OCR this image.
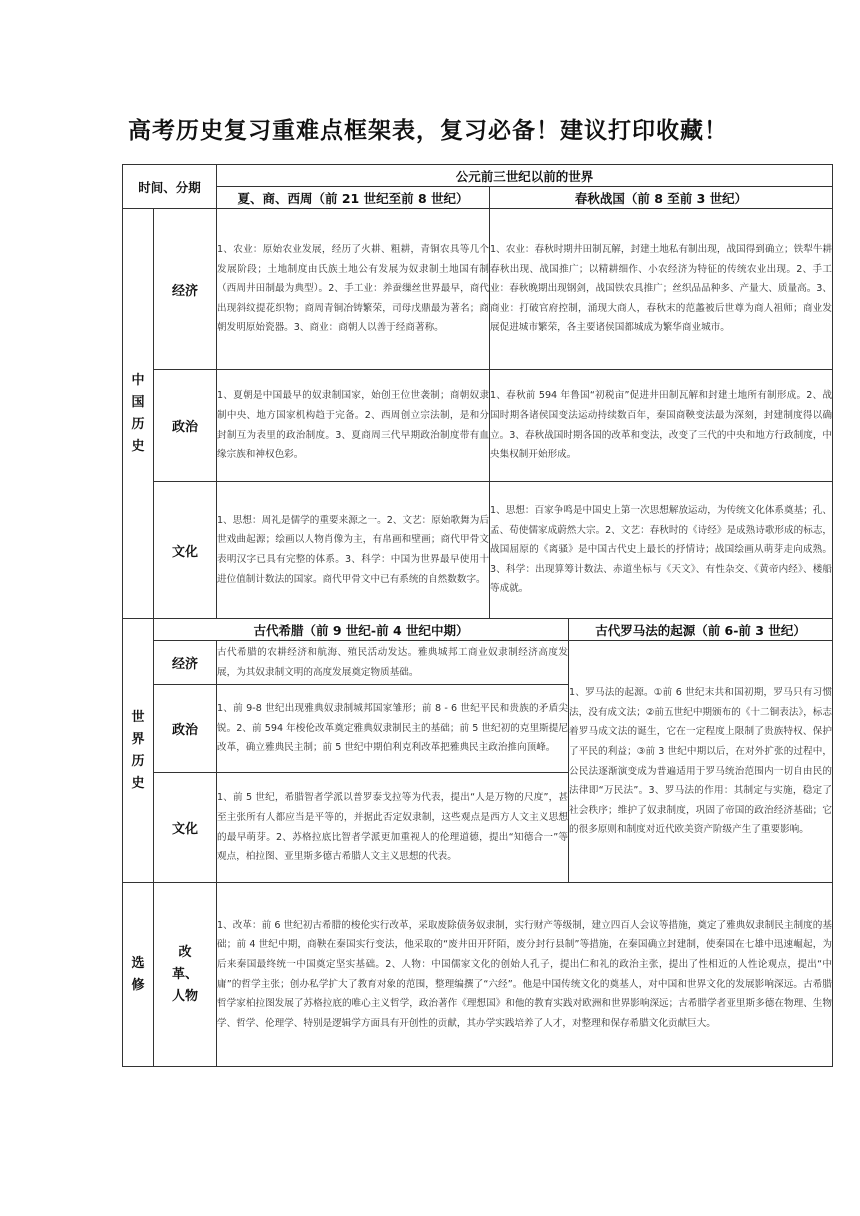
高考历史复习重难点框架表，复习必备！建议打印收藏！
时间、分期		公元前三世纪以前的世界		
		夏、商、西周（前 21 世纪至前 8 世纪）	春秋战国（前 8 至前 3 世纪）	

中国历史	经济	1、农业：原始农业发展，经历了火耕、粗耕，青铜农具等几个发展阶段；土地制度由氏族土地公有发展为奴隶制土地国有制（西周井田制最为典型）。2、手工业：养蚕缫丝世界最早，商代出现斜纹提花织物；商周青铜冶铸繁荣，司母戊鼎最为著名；商朝发明原始瓷器。3、商业：商朝人以善于经商著称。	1、农业：春秋时期井田制瓦解，封建土地私有制出现，战国得到确立；铁犁牛耕春秋出现、战国推广；以精耕细作、小农经济为特征的传统农业出现。2、手工业：春秋晚期出现钢剑，战国铁农具推广；丝织品品种多、产量大、质量高。3、商业：打破官府控制，涌现大商人，春秋末的范蠡被后世尊为商人祖师；商业发展促进城市繁荣，各主要诸侯国都城成为繁华商业城市。	
	政治	1、夏朝是中国最早的奴隶制国家，始创王位世袭制；商朝奴隶制中央、地方国家机构趋于完备。2、西周创立宗法制，是和分封制互为表里的政治制度。3、夏商周三代早期政治制度带有血缘宗族和神权色彩。	1、春秋前 594 年鲁国“初税亩”促进井田制瓦解和封建土地所有制形成。2、战国时期各诸侯国变法运动持续数百年，秦国商鞅变法最为深刻，封建制度得以确立。3、春秋战国时期各国的改革和变法，改变了三代的中央和地方行政制度，中央集权制开始形成。	
	文化	1、思想：周礼是儒学的重要来源之一。2、文艺：原始歌舞为后世戏曲起源；绘画以人物肖像为主，有帛画和壁画；商代甲骨文表明汉字已具有完整的体系。3、科学：中国为世界最早使用十进位值制计数法的国家。商代甲骨文中已有系统的自然数数字。	1、思想：百家争鸣是中国史上第一次思想解放运动，为传统文化体系奠基；孔、孟、荀使儒家成蔚然大宗。2、文艺：春秋时的《诗经》是成熟诗歌形成的标志，战国屈原的《离骚》是中国古代史上最长的抒情诗；战国绘画从萌芽走向成熟。3、科学：出现算筹计数法、赤道坐标与《天文》、有性杂交、《黄帝内经》、楼船等成就。	

世界历史	古代希腊（前 9 世纪-前 4 世纪中期）			古代罗马法的起源（前 6-前 3 世纪）
	经济	古代希腊的农耕经济和航海、殖民活动发达。雅典城邦工商业奴隶制经济高度发展，为其奴隶制文明的高度发展奠定物质基础。		1、罗马法的起源。①前 6 世纪末共和国初期，罗马只有习惯法，没有成文法；②前五世纪中期颁布的《十二铜表法》，标志着罗马成文法的诞生，它在一定程度上限制了贵族特权、保护了平民的利益；③前 3 世纪中期以后，在对外扩张的过程中，公民法逐渐演变成为普遍适用于罗马统治范围内一切自由民的法律即“万民法”。3、罗马法的作用：其制定与实施，稳定了社会秩序；维护了奴隶制度，巩固了帝国的政治经济基础；它的很多原则和制度对近代欧美资产阶级产生了重要影响。
	政治	1、前 9-8 世纪出现雅典奴隶制城邦国家雏形；前 8 - 6 世纪平民和贵族的矛盾尖锐。2、前 594 年梭伦改革奠定雅典奴隶制民主的基础；前 5 世纪初的克里斯提尼改革，确立雅典民主制；前 5 世纪中期伯利克利改革把雅典民主政治推向顶峰。		
	文化	1、前 5 世纪，希腊智者学派以普罗泰戈拉等为代表，提出“人是万物的尺度”，甚至主张所有人都应当是平等的，并据此否定奴隶制，这些观点是西方人文主义思想的最早萌芽。2、苏格拉底比智者学派更加重视人的伦理道德，提出“知德合一”等观点，柏拉图、亚里斯多德古希腊人文主义思想的代表。		

选修	改革、人物	1、改革：前 6 世纪初古希腊的梭伦实行改革，采取废除债务奴隶制，实行财产等级制，建立四百人会议等措施，奠定了雅典奴隶制民主制度的基础；前 4 世纪中期，商鞅在秦国实行变法，他采取的“废井田开阡陌，废分封行县制”等措施，在秦国确立封建制，使秦国在七雄中迅速崛起，为后来秦国最终统一中国奠定坚实基础。2、人物：中国儒家文化的创始人孔子，提出仁和礼的政治主张，提出了性相近的人性论观点，提出“中庸”的哲学主张；创办私学扩大了教育对象的范围，整理编撰了“六经”。他是中国传统文化的奠基人，对中国和世界文化的发展影响深远。古希腊哲学家柏拉图发展了苏格拉底的唯心主义哲学，政治著作《理想国》和他的教育实践对欧洲和世界影响深远；古希腊学者亚里斯多德在物理、生物学、哲学、伦理学、特别是逻辑学方面具有开创性的贡献，其办学实践培养了人才，对整理和保存希腊文化贡献巨大。		
